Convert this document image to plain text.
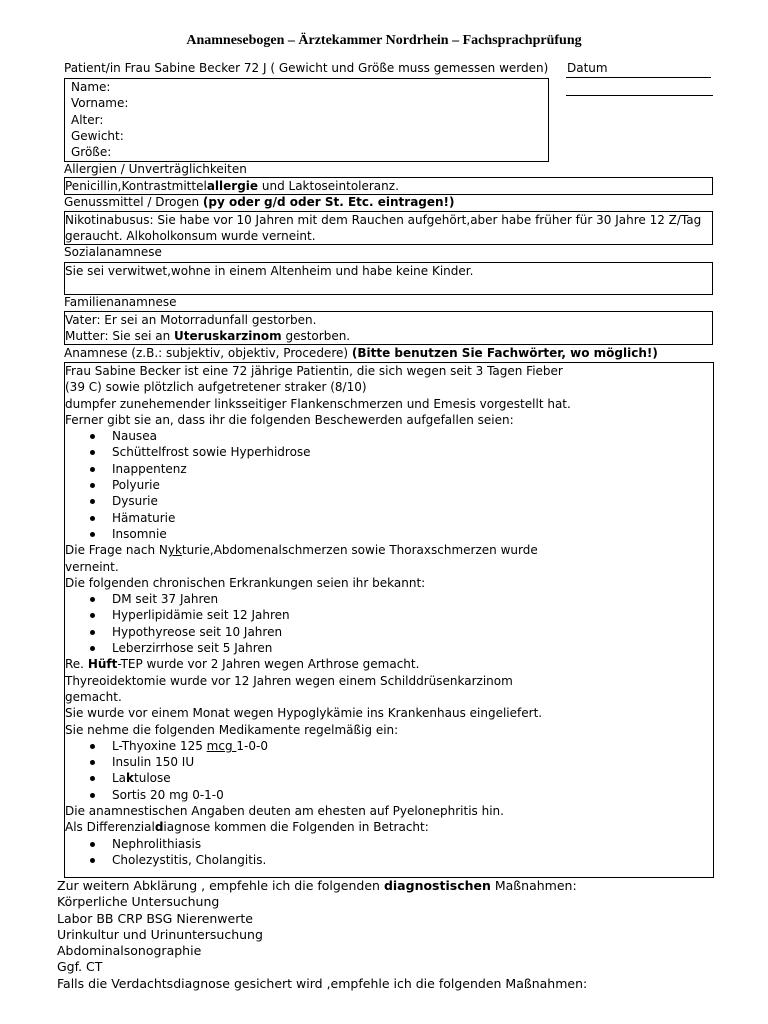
Anamnesebogen – Ärztekammer Nordrhein – Fachsprachprüfung
Patient/in Frau Sabine Becker 72 J ( Gewicht und Größe muss gemessen werden) Datum
Name:
Vorname:
Alter:
Gewicht:
Größe:
Allergien / Unverträglichkeiten
Penicillin,Kontrastmittelallergie und Laktoseintoleranz.
Genussmittel / Drogen (py oder g/d oder St. Etc. eintragen!)
Nikotinabusus: Sie habe vor 10 Jahren mit dem Rauchen aufgehört,aber habe früher für 30 Jahre 12 Z/Tag
geraucht. Alkoholkonsum wurde verneint.
Sozialanamnese
Sie sei verwitwet,wohne in einem Altenheim und habe keine Kinder.
Familienanamnese
Vater: Er sei an Motorradunfall gestorben.
Mutter: Sie sei an Uteruskarzinom gestorben.
Anamnese (z.B.: subjektiv, objektiv, Procedere) (Bitte benutzen Sie Fachwörter, wo möglich!)
Frau Sabine Becker ist eine 72 jährige Patientin, die sich wegen seit 3 Tagen Fieber
(39 C) sowie plötzlich aufgetretener straker (8/10)
dumpfer zunehemender linksseitiger Flankenschmerzen und Emesis vorgestellt hat.
Ferner gibt sie an, dass ihr die folgenden Beschewerden aufgefallen seien:
Nausea
Schüttelfrost sowie Hyperhidrose
Inappentenz
Polyurie
Dysurie
Hämaturie
Insomnie
Die Frage nach Nykturie,Abdomenalschmerzen sowie Thoraxschmerzen wurde
verneint.
Die folgenden chronischen Erkrankungen seien ihr bekannt:
DM seit 37 Jahren
Hyperlipidämie seit 12 Jahren
Hypothyreose seit 10 Jahren
Leberzirrhose seit 5 Jahren
Re. Hüft-TEP wurde vor 2 Jahren wegen Arthrose gemacht.
Thyreoidektomie wurde vor 12 Jahren wegen einem Schilddrüsenkarzinom
gemacht.
Sie wurde vor einem Monat wegen Hypoglykämie ins Krankenhaus eingeliefert.
Sie nehme die folgenden Medikamente regelmäßig ein:
L-Thyoxine 125 mcg 1-0-0
Insulin 150 IU
Laktulose
Sortis 20 mg 0-1-0
Die anamnestischen Angaben deuten am ehesten auf Pyelonephritis hin.
Als Differenzialdiagnose kommen die Folgenden in Betracht:
Nephrolithiasis
Cholezystitis, Cholangitis.
Zur weitern Abklärung , empfehle ich die folgenden diagnostischen Maßnahmen:
Körperliche Untersuchung
Labor BB CRP BSG Nierenwerte
Urinkultur und Urinuntersuchung
Abdominalsonographie
Ggf. CT
Falls die Verdachtsdiagnose gesichert wird ,empfehle ich die folgenden Maßnahmen:
